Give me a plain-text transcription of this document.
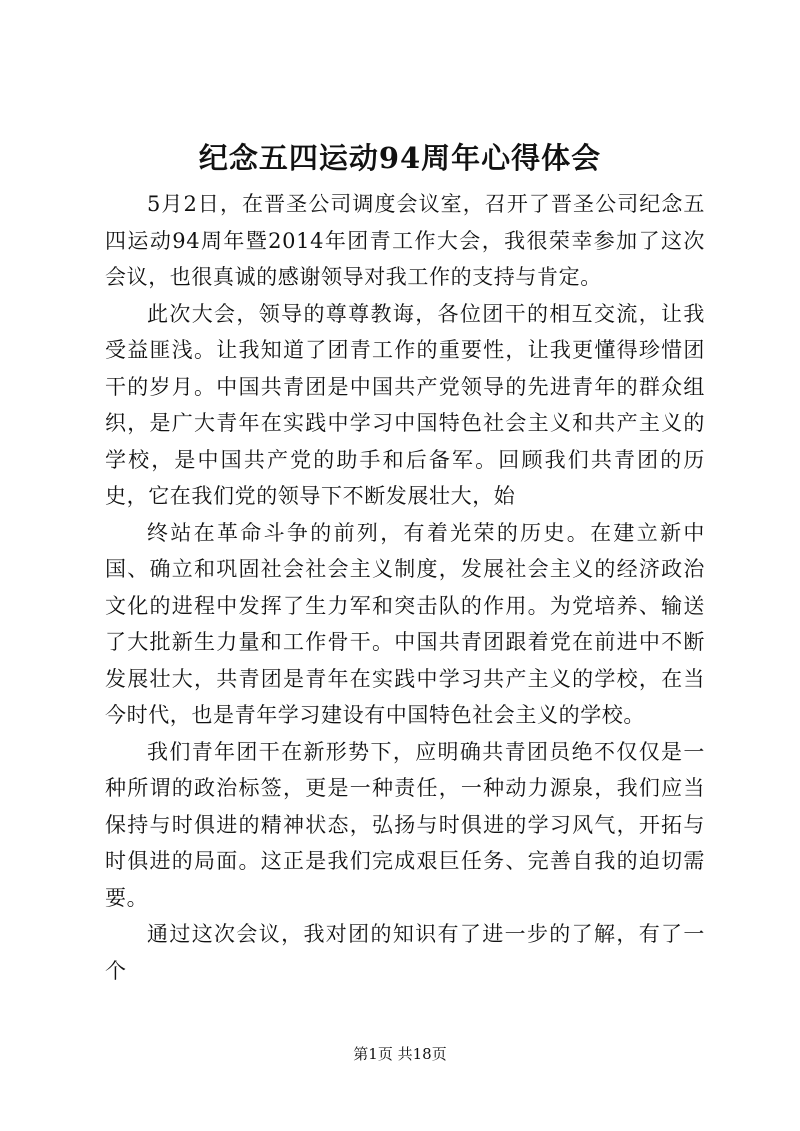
纪念五四运动94周年心得体会

5月2日，在晋圣公司调度会议室，召开了晋圣公司纪念五四运动94周年暨2014年团青工作大会，我很荣幸参加了这次会议，也很真诚的感谢领导对我工作的支持与肯定。

此次大会，领导的尊尊教诲，各位团干的相互交流，让我受益匪浅。让我知道了团青工作的重要性，让我更懂得珍惜团干的岁月。中国共青团是中国共产党领导的先进青年的群众组织，是广大青年在实践中学习中国特色社会主义和共产主义的学校，是中国共产党的助手和后备军。回顾我们共青团的历史，它在我们党的领导下不断发展壮大，始

终站在革命斗争的前列，有着光荣的历史。在建立新中国、确立和巩固社会社会主义制度，发展社会主义的经济政治文化的进程中发挥了生力军和突击队的作用。为党培养、输送了大批新生力量和工作骨干。中国共青团跟着党在前进中不断发展壮大，共青团是青年在实践中学习共产主义的学校，在当今时代，也是青年学习建设有中国特色社会主义的学校。

我们青年团干在新形势下，应明确共青团员绝不仅仅是一种所谓的政治标签，更是一种责任，一种动力源泉，我们应当保持与时俱进的精神状态，弘扬与时俱进的学习风气，开拓与时俱进的局面。这正是我们完成艰巨任务、完善自我的迫切需要。

通过这次会议，我对团的知识有了进一步的了解，有了一个

第1页 共18页
